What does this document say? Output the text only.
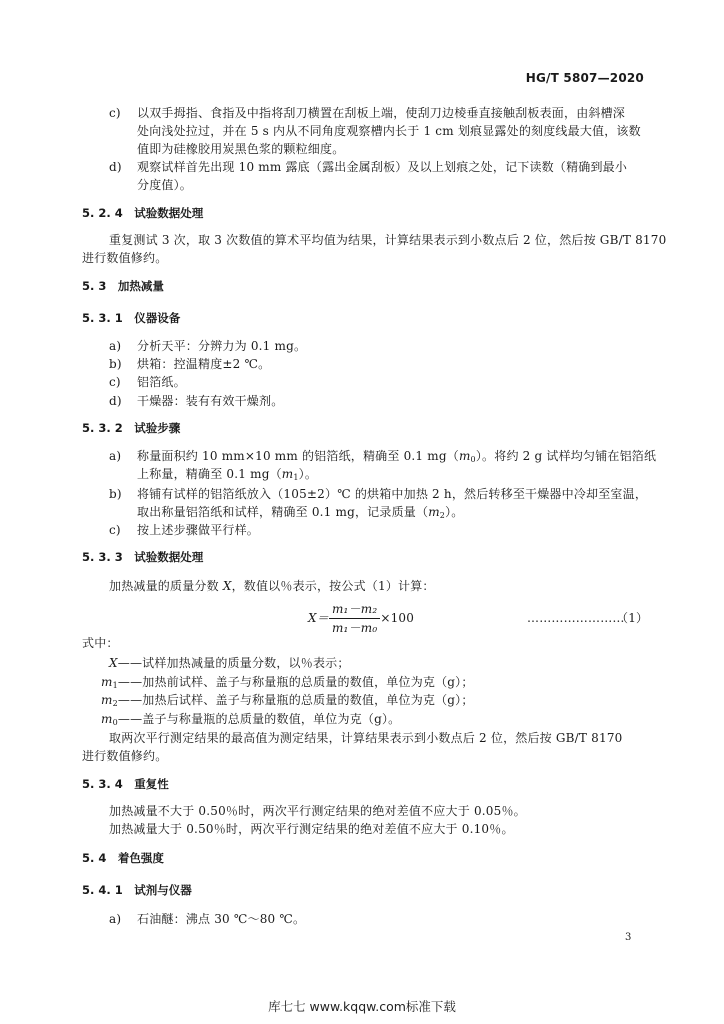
HG/T 5807—2020
c) 以双手拇指、食指及中指将刮刀横置在刮板上端，使刮刀边棱垂直接触刮板表面，由斜槽深
处向浅处拉过，并在 5 s 内从不同角度观察槽内长于 1 cm 划痕显露处的刻度线最大值，该数
值即为硅橡胶用炭黑色浆的颗粒细度。
d) 观察试样首先出现 10 mm 露底（露出金属刮板）及以上划痕之处，记下读数（精确到最小
分度值）。
5. 2. 4　试验数据处理
重复测试 3 次，取 3 次数值的算术平均值为结果，计算结果表示到小数点后 2 位，然后按 GB/T 8170
进行数值修约。
5. 3　加热减量
5. 3. 1　仪器设备
a) 分析天平：分辨力为 0.1 mg。
b) 烘箱：控温精度±2 ℃。
c) 铝箔纸。
d) 干燥器：装有有效干燥剂。
5. 3. 2　试验步骤
a) 称量面积约 10 mm×10 mm 的铝箔纸，精确至 0.1 $mg(m_0)$。将约 2 g 试样均匀铺在铝箔纸
上称量，精确至 0.1 $mg(m_1)$。
b) 将铺有试样的铝箔纸放入（105±2）℃ 的烘箱中加热 2 h，然后转移至干燥器中冷却至室温，
取出称量铝箔纸和试样，精确至 0.1 mg，记录质量$(m_2)$。
c) 按上述步骤做平行样。
5. 3. 3　试验数据处理
加热减量的质量分数 X，数值以％表示，按公式（1）计算：
$X= \frac{\text{m₁－m₂}}{\text{m₁－m₀}} \times 100$	……………………
（1）
式中：
X——试样加热减量的质量分数，以％表示；
$m_1——$加热前试样、盖子与称量瓶的总质量的数值，单位为克（g）；
$m_2——$加热后试样、盖子与称量瓶的总质量的数值，单位为克（g）；
$m_0——$盖子与称量瓶的总质量的数值，单位为克（g）。
取两次平行测定结果的最高值为测定结果，计算结果表示到小数点后 2 位，然后按 GB/T 8170
进行数值修约。
5. 3. 4　重复性
加热减量不大于 0.50％时，两次平行测定结果的绝对差值不应大于 0.05％。
加热减量大于 0.50％时，两次平行测定结果的绝对差值不应大于 0.10％。
5. 4　着色强度
5. 4. 1　试剂与仪器
a) 石油醚：沸点 30 ℃～80 ℃。
3
库七七 www.kqqw.com标准下载
